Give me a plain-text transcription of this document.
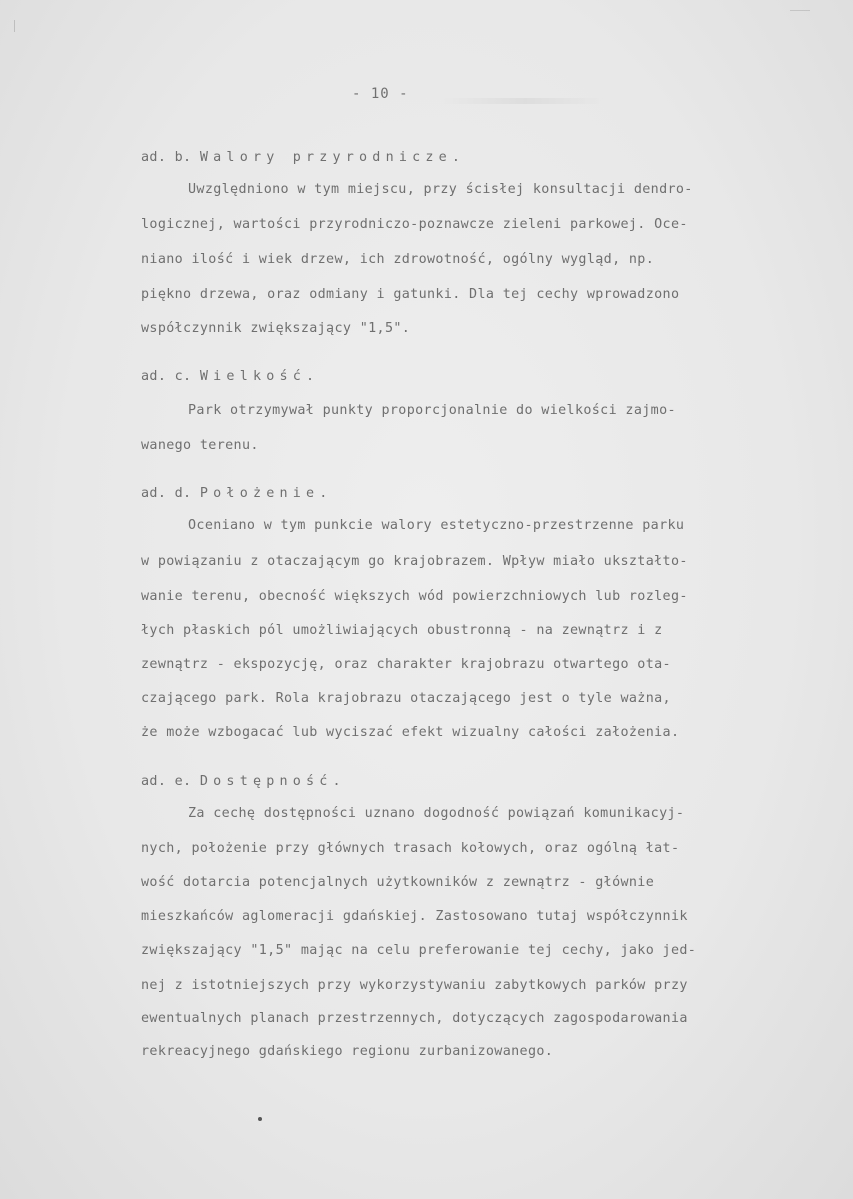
- 10 -
ad. b. Walory przyrodnicze.
Uwzględniono w tym miejscu, przy ścisłej konsultacji dendro-
logicznej, wartości przyrodniczo-poznawcze zieleni parkowej. Oce-
niano ilość i wiek drzew, ich zdrowotność, ogólny wygląd, np.
piękno drzewa, oraz odmiany i gatunki. Dla tej cechy wprowadzono
współczynnik zwiększający "1,5".
ad. c. Wielkość.
Park otrzymywał punkty proporcjonalnie do wielkości zajmo-
wanego terenu.
ad. d. Położenie.
Oceniano w tym punkcie walory estetyczno-przestrzenne parku
w powiązaniu z otaczającym go krajobrazem. Wpływ miało ukształto-
wanie terenu, obecność większych wód powierzchniowych lub rozleg-
łych płaskich pól umożliwiających obustronną - na zewnątrz i z
zewnątrz - ekspozycję, oraz charakter krajobrazu otwartego ota-
czającego park. Rola krajobrazu otaczającego jest o tyle ważna,
że może wzbogacać lub wyciszać efekt wizualny całości założenia.
ad. e. Dostępność.
Za cechę dostępności uznano dogodność powiązań komunikacyj-
nych, położenie przy głównych trasach kołowych, oraz ogólną łat-
wość dotarcia potencjalnych użytkowników z zewnątrz - głównie
mieszkańców aglomeracji gdańskiej. Zastosowano tutaj współczynnik
zwiększający "1,5" mając na celu preferowanie tej cechy, jako jed-
nej z istotniejszych przy wykorzystywaniu zabytkowych parków przy
ewentualnych planach przestrzennych, dotyczących zagospodarowania
rekreacyjnego gdańskiego regionu zurbanizowanego.
